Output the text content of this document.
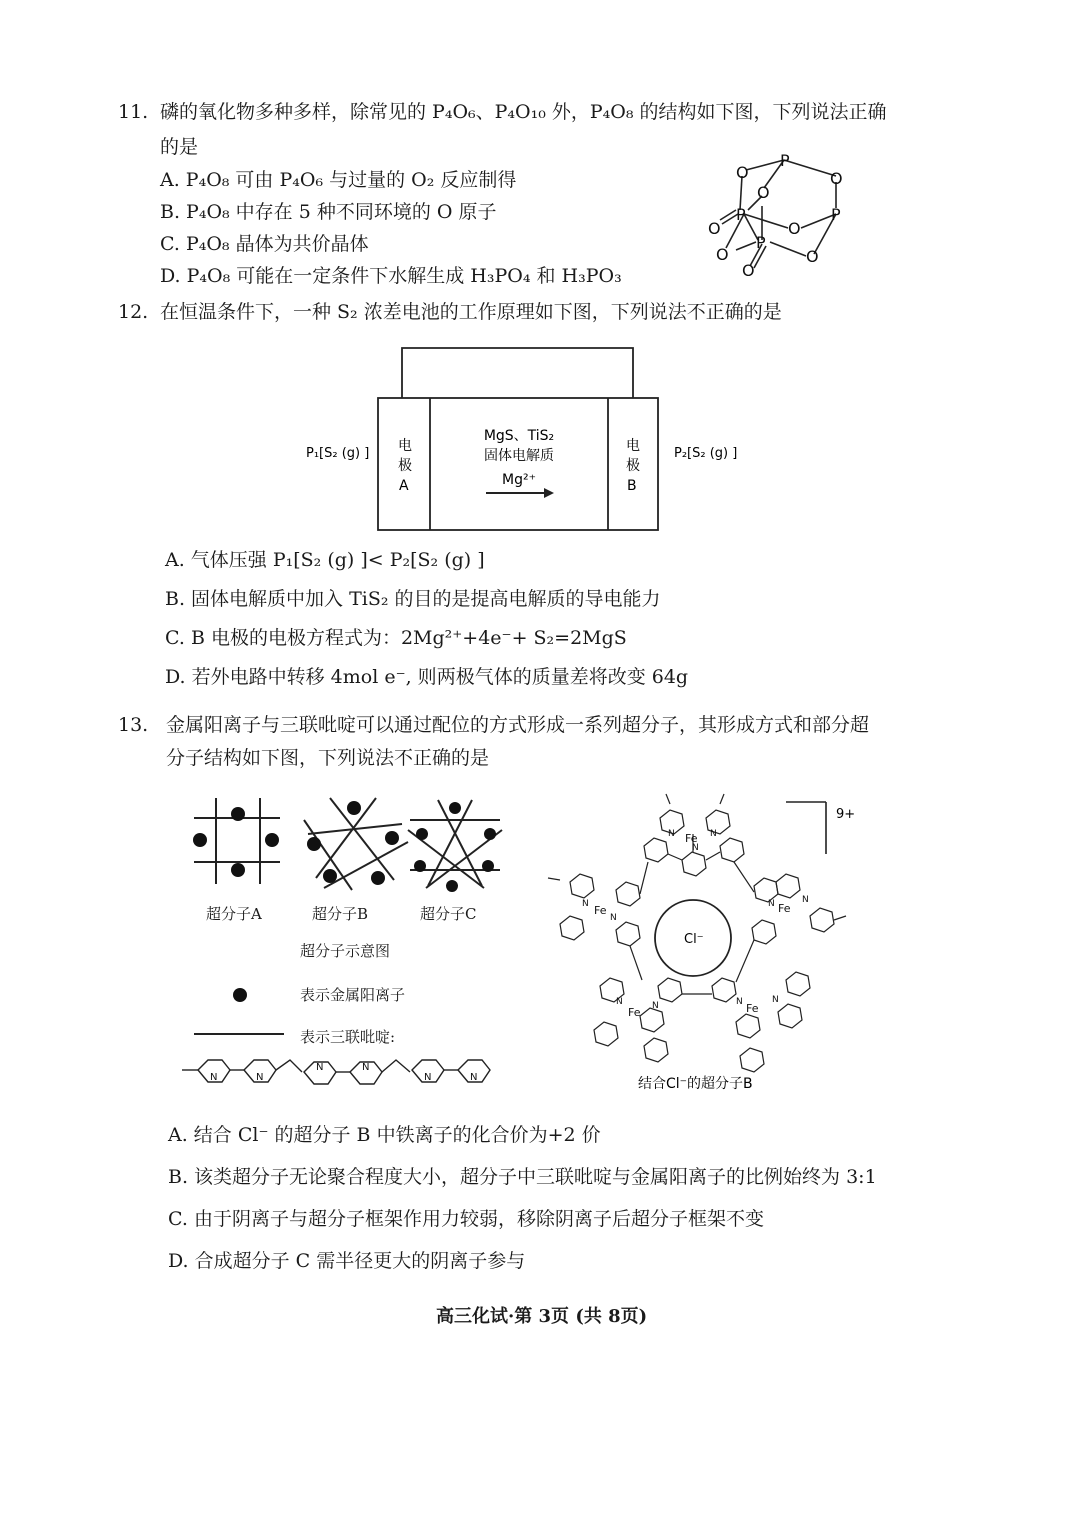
11. 磷的氧化物多种多样，除常见的 P₄O₆、P₄O₁₀ 外，P₄O₈ 的结构如下图，下列说法正确
的是
A. P₄O₈ 可由 P₄O₆ 与过量的 O₂ 反应制得
B. P₄O₈ 中存在 5 种不同环境的 O 原子
C. P₄O₈ 晶体为共价晶体
D. P₄O₈ 可能在一定条件下水解生成 H₃PO₄ 和 H₃PO₃
P
O	O
O
P	P
O
O
P
O	O
O
12. 在恒温条件下，一种 S₂ 浓差电池的工作原理如下图，下列说法不正确的是
P₁[S₂ (g) ]	P₂[S₂ (g) ]
电
极
A
电
极
B
MgS、TiS₂
固体电解质
Mg²⁺
A. 气体压强 P₁[S₂ (g) ]< P₂[S₂ (g) ]
B. 固体电解质中加入 TiS₂ 的目的是提高电解质的导电能力
C. B 电极的电极方程式为：2Mg²⁺+4e⁻+ S₂=2MgS
D. 若外电路中转移 4mol e⁻, 则两极气体的质量差将改变 64g
13. 金属阳离子与三联吡啶可以通过配位的方式形成一系列超分子，其形成方式和部分超
分子结构如下图，下列说法不正确的是
超分子A	超分子B	超分子C
超分子示意图
表示金属阳离子
表示三联吡啶:
N	N
N	N
N	N
9+
Cl⁻
Fe
Fe	Fe
Fe	Fe
N	N
N
N
N
N	N
N	N	N	N
结合Cl⁻的超分子B
A. 结合 Cl⁻ 的超分子 B 中铁离子的化合价为+2 价
B. 该类超分子无论聚合程度大小，超分子中三联吡啶与金属阳离子的比例始终为 3:1
C. 由于阴离子与超分子框架作用力较弱，移除阴离子后超分子框架不变
D. 合成超分子 C 需半径更大的阴离子参与
高三化试·第 3页 (共 8页)
